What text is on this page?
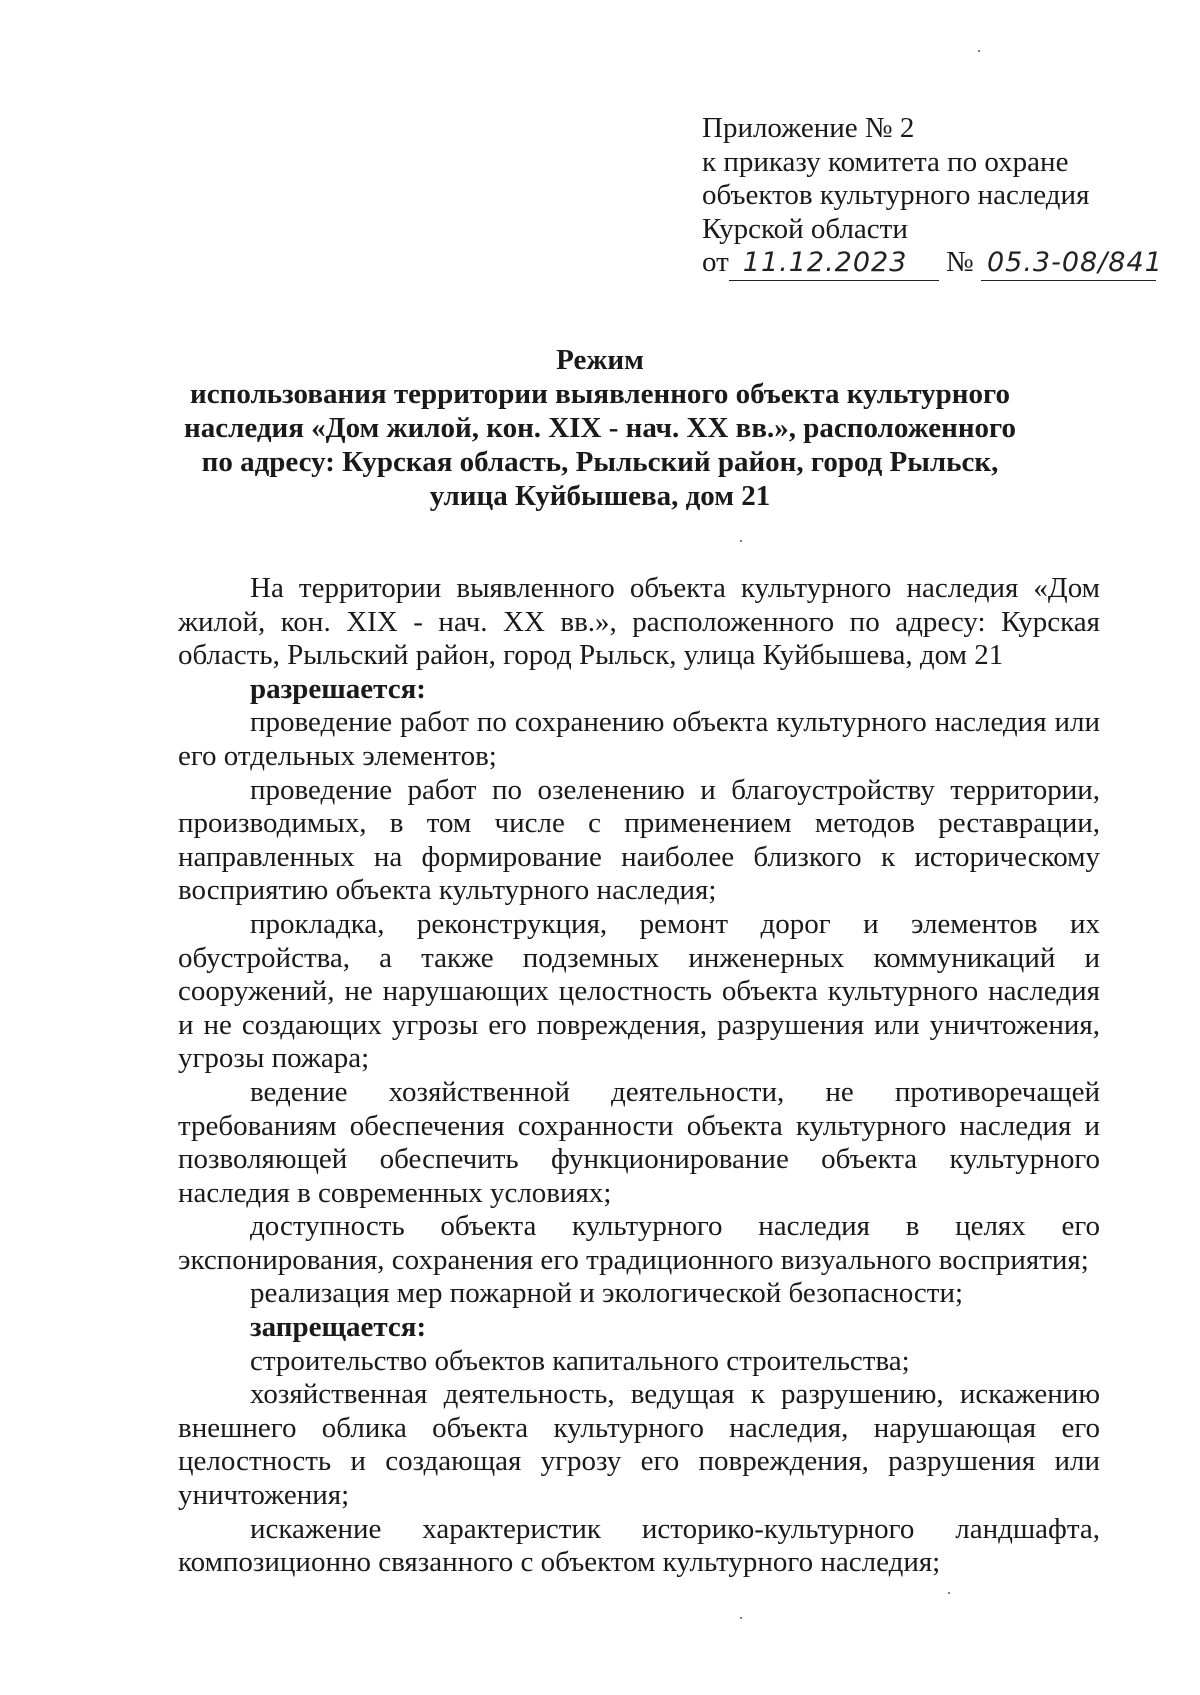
Приложение № 2
к приказу комитета по охране
объектов культурного наследия
Курской области
от 11.12.2023 № 05.3-08/841
Режим
использования территории выявленного объекта культурного
наследия «Дом жилой, кон. XIX - нач. XX вв.», расположенного
по адресу: Курская область, Рыльский район, город Рыльск,
улица Куйбышева, дом 21

На территории выявленного объекта культурного наследия «Дом жилой, кон. XIX - нач. XX вв.», расположенного по адресу: Курская область, Рыльский район, город Рыльск, улица Куйбышева, дом 21

разрешается:

проведение работ по сохранению объекта культурного наследия или его отдельных элементов;

проведение работ по озеленению и благоустройству территории, производимых, в том числе с применением методов реставрации, направленных на формирование наиболее близкого к историческому восприятию объекта культурного наследия;

прокладка, реконструкция, ремонт дорог и элементов их обустройства, а также подземных инженерных коммуникаций и сооружений, не нарушающих целостность объекта культурного наследия и не создающих угрозы его повреждения, разрушения или уничтожения, угрозы пожара;

ведение хозяйственной деятельности, не противоречащей требованиям обеспечения сохранности объекта культурного наследия и позволяющей обеспечить функционирование объекта культурного наследия в современных условиях;

доступность объекта культурного наследия в целях его экспонирования, сохранения его традиционного визуального восприятия;

реализация мер пожарной и экологической безопасности;

запрещается:

строительство объектов капитального строительства;

хозяйственная деятельность, ведущая к разрушению, искажению внешнего облика объекта культурного наследия, нарушающая его целостность и создающая угрозу его повреждения, разрушения или уничтожения;

искажение характеристик историко-культурного ландшафта, композиционно связанного с объектом культурного наследия;
